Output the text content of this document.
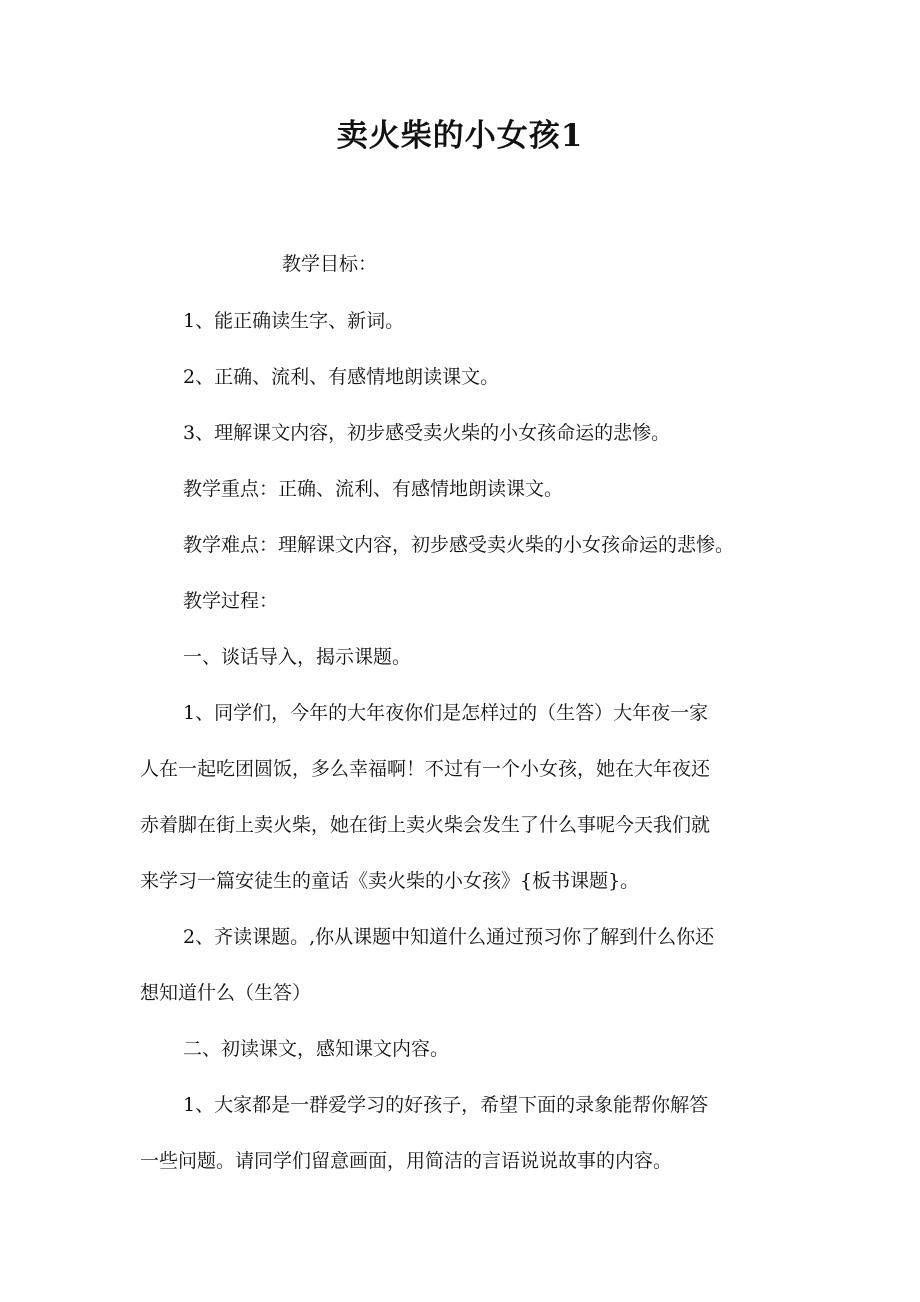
卖火柴的小女孩1
教学目标：
1、能正确读生字、新词。
2、正确、流利、有感情地朗读课文。
3、理解课文内容，初步感受卖火柴的小女孩命运的悲惨。
教学重点：正确、流利、有感情地朗读课文。
教学难点：理解课文内容，初步感受卖火柴的小女孩命运的悲惨。
教学过程：
一、谈话导入，揭示课题。
1、同学们，今年的大年夜你们是怎样过的（生答）大年夜一家
人在一起吃团圆饭，多么幸福啊！不过有一个小女孩，她在大年夜还
赤着脚在街上卖火柴，她在街上卖火柴会发生了什么事呢今天我们就
来学习一篇安徒生的童话《卖火柴的小女孩》{板书课题}。
2、齐读课题。,你从课题中知道什么通过预习你了解到什么你还
想知道什么（生答）
二、初读课文，感知课文内容。
1、大家都是一群爱学习的好孩子，希望下面的录象能帮你解答
一些问题。请同学们留意画面，用简洁的言语说说故事的内容。
